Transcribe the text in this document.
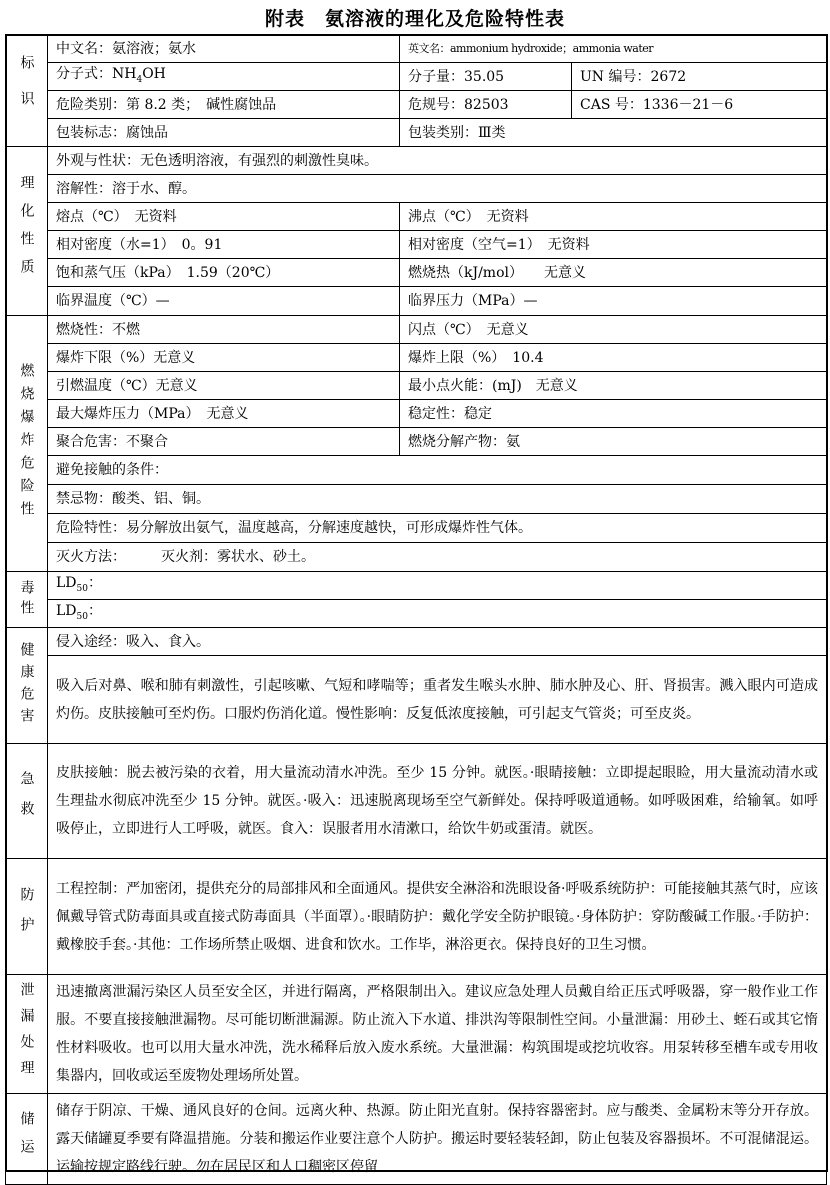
附表　氨溶液的理化及危险特性表
标识	中文名：氨溶液；氨水	英文名：ammonium hydroxide；ammonia water	
	分子式：$NH_4OH$	分子量：35.05	UN 编号：2672
	危险类别：第 8.2 类；　碱性腐蚀品	危规号：82503	CAS 号：1336－21－6
	包装标志：腐蚀品	包装类别：Ⅲ类	
理化性质	外观与性状：无色透明溶液，有强烈的刺激性臭味。		
	溶解性：溶于水、醇。		
	熔点（℃）　无资料	沸点（℃）　无资料	
	相对密度（水=1）　0。91	相对密度（空气=1）　无资料	
	饱和蒸气压（kPa）　1.59（20℃）	燃烧热（kJ/mol）　　无意义	
	临界温度（℃）—	临界压力（MPa）—	
燃烧爆炸危险性	燃烧性：不燃	闪点（℃）　无意义	
	爆炸下限（%）无意义	爆炸上限（%）　10.4	
	引燃温度（℃）无意义	最小点火能：(mJ)　无意义	
	最大爆炸压力（MPa）　无意义	稳定性：稳定	
	聚合危害：不聚合	燃烧分解产物：氨	
	避免接触的条件：		
	禁忌物：酸类、铝、铜。		
	危险特性：易分解放出氨气，温度越高，分解速度越快，可形成爆炸性气体。		
	灭火方法：　　　灭火剂：雾状水、砂土。		
毒性	$LD_{50}$：		
	$LD_{50}$：		
健康危害	侵入途经：吸入、食入。		
	吸入后对鼻、喉和肺有刺激性，引起咳嗽、气短和哮喘等；重者发生喉头水肿、肺水肿及心、肝、肾损害。溅入眼内可造成灼伤。皮肤接触可至灼伤。口服灼伤消化道。慢性影响：反复低浓度接触，可引起支气管炎；可至皮炎。		
急救	皮肤接触：脱去被污染的衣着，用大量流动清水冲洗。至少 15 分钟。就医。·眼睛接触：立即提起眼睑，用大量流动清水或生理盐水彻底冲洗至少 15 分钟。就医。·吸入：迅速脱离现场至空气新鲜处。保持呼吸道通畅。如呼吸困难，给输氧。如呼吸停止，立即进行人工呼吸，就医。食入：误服者用水清漱口，给饮牛奶或蛋清。就医。		
防护	工程控制：严加密闭，提供充分的局部排风和全面通风。提供安全淋浴和洗眼设备·呼吸系统防护：可能接触其蒸气时，应该佩戴导管式防毒面具或直接式防毒面具（半面罩）。·眼睛防护：戴化学安全防护眼镜。·身体防护：穿防酸碱工作服。·手防护：戴橡胶手套。·其他：工作场所禁止吸烟、进食和饮水。工作毕，淋浴更衣。保持良好的卫生习惯。		
泄漏处理	迅速撤离泄漏污染区人员至安全区，并进行隔离，严格限制出入。建议应急处理人员戴自给正压式呼吸器，穿一般作业工作服。不要直接接触泄漏物。尽可能切断泄漏源。防止流入下水道、排洪沟等限制性空间。小量泄漏：用砂土、蛭石或其它惰性材料吸收。也可以用大量水冲洗，洗水稀释后放入废水系统。大量泄漏：构筑围堤或挖坑收容。用泵转移至槽车或专用收集器内，回收或运至废物处理场所处置。		
储运	储存于阴凉、干燥、通风良好的仓间。远离火种、热源。防止阳光直射。保持容器密封。应与酸类、金属粉末等分开存放。露天储罐夏季要有降温措施。分装和搬运作业要注意个人防护。搬运时要轻装轻卸，防止包装及容器损坏。不可混储混运。运输按规定路线行驶。勿在居民区和人口稠密区停留		
